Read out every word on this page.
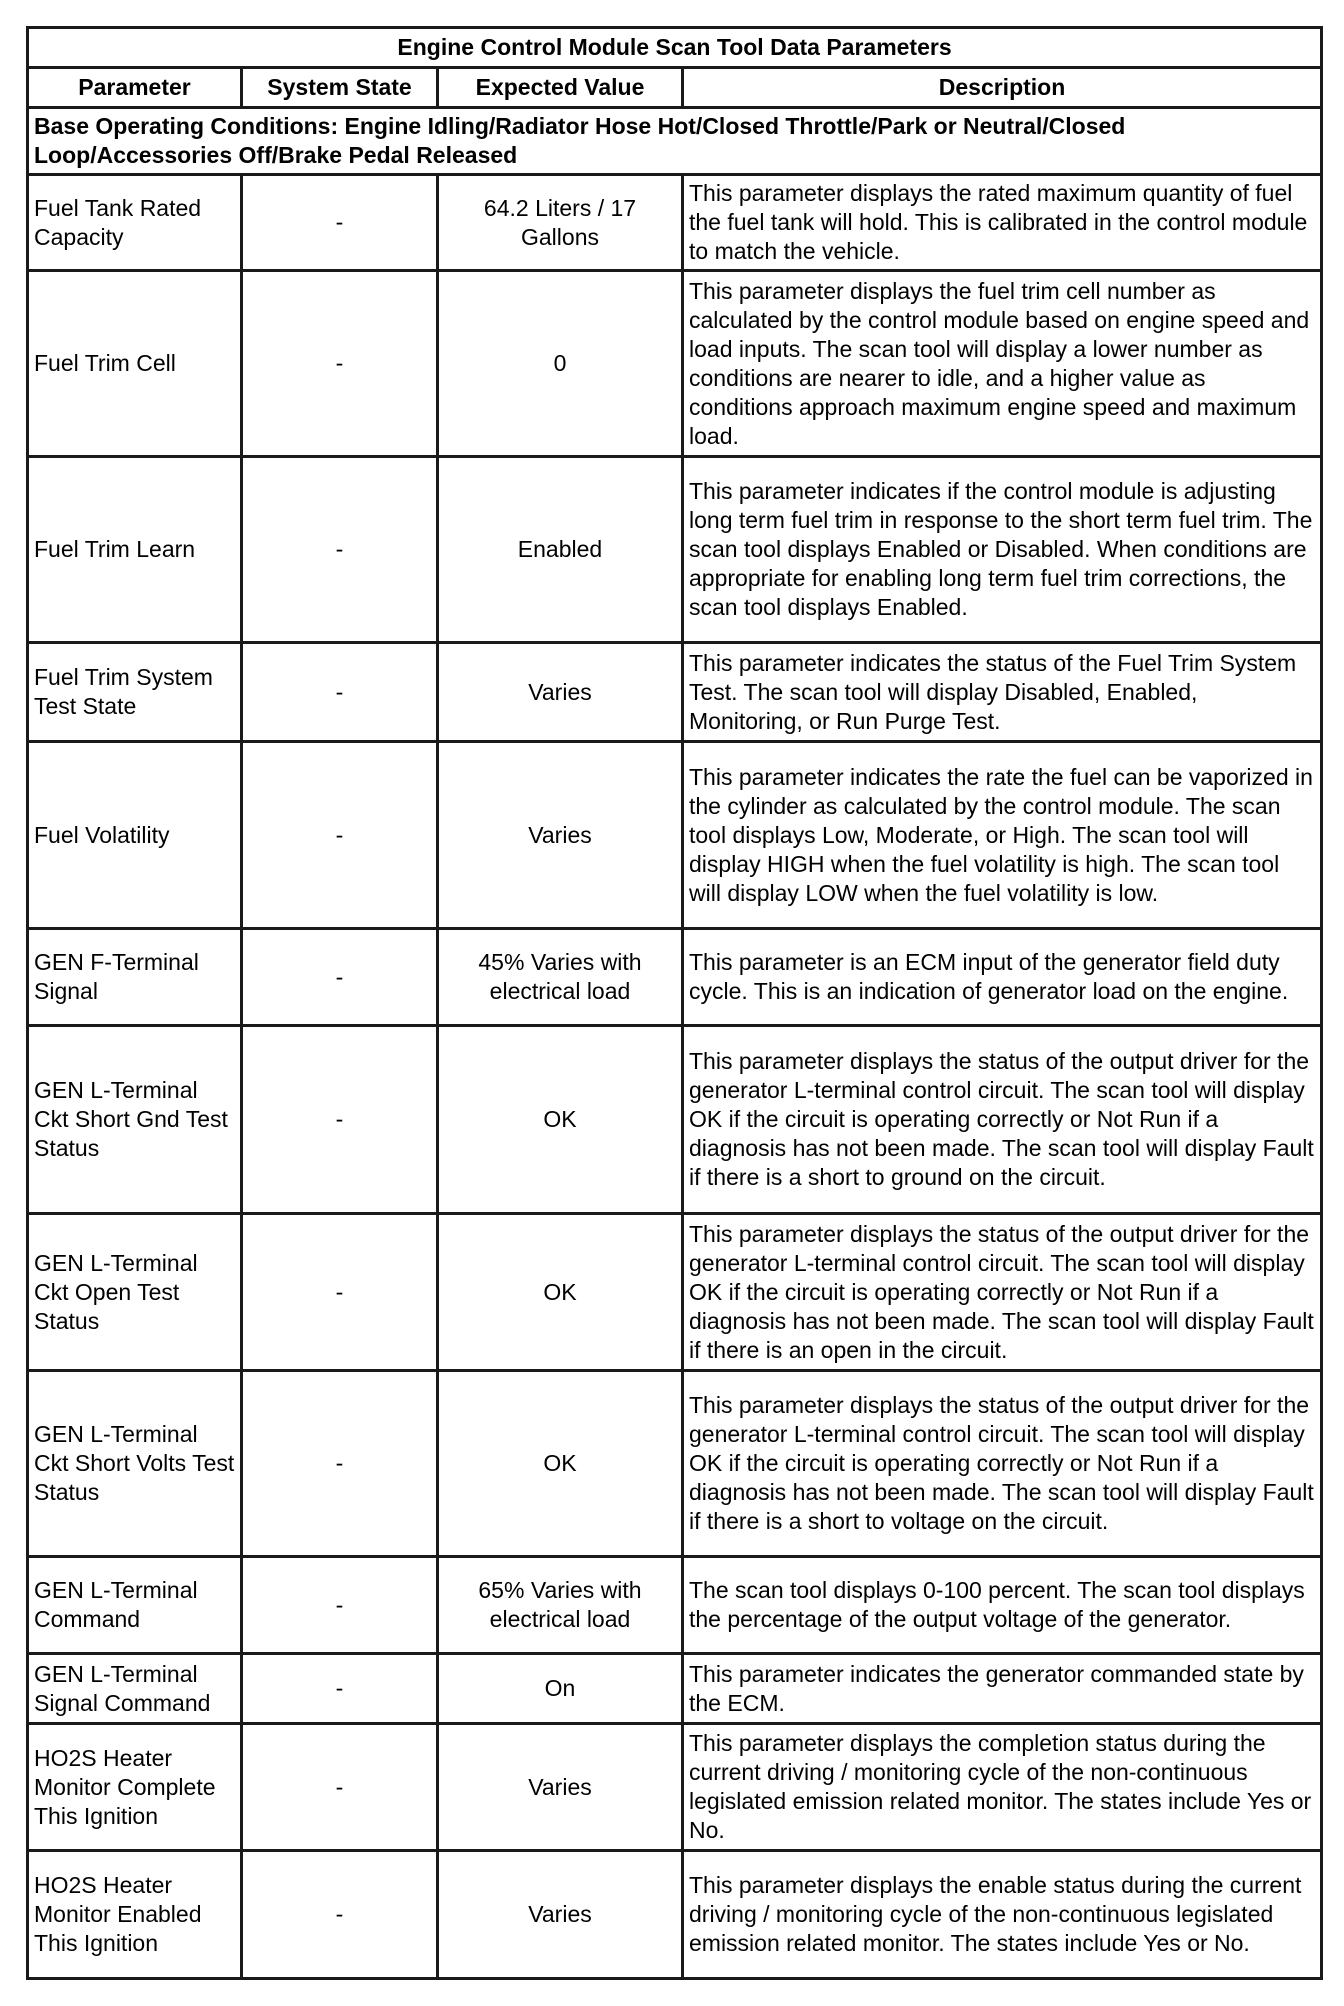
Engine Control Module Scan Tool Data Parameters			
Parameter	System State	Expected Value	Description
Base Operating Conditions: Engine Idling/Radiator Hose Hot/Closed Throttle/Park or Neutral/Closed Loop/Accessories Off/Brake Pedal Released			
Fuel Tank Rated Capacity	-	64.2 Liters / 17 Gallons	This parameter displays the rated maximum quantity of fuel the fuel tank will hold. This is calibrated in the control module to match the vehicle.
Fuel Trim Cell	-	0	This parameter displays the fuel trim cell number as calculated by the control module based on engine speed and load inputs. The scan tool will display a lower number as conditions are nearer to idle, and a higher value as conditions approach maximum engine speed and maximum load.
Fuel Trim Learn	-	Enabled	This parameter indicates if the control module is adjusting long term fuel trim in response to the short term fuel trim. The scan tool displays Enabled or Disabled. When conditions are appropriate for enabling long term fuel trim corrections, the scan tool displays Enabled.
Fuel Trim System Test State	-	Varies	This parameter indicates the status of the Fuel Trim System Test. The scan tool will display Disabled, Enabled, Monitoring, or Run Purge Test.
Fuel Volatility	-	Varies	This parameter indicates the rate the fuel can be vaporized in the cylinder as calculated by the control module. The scan tool displays Low, Moderate, or High. The scan tool will display HIGH when the fuel volatility is high. The scan tool will display LOW when the fuel volatility is low.
GEN F-Terminal Signal	-	45% Varies with electrical load	This parameter is an ECM input of the generator field duty cycle. This is an indication of generator load on the engine.
GEN L-Terminal Ckt Short Gnd Test Status	-	OK	This parameter displays the status of the output driver for the generator L-terminal control circuit. The scan tool will display OK if the circuit is operating correctly or Not Run if a diagnosis has not been made. The scan tool will display Fault if there is a short to ground on the circuit.
GEN L-Terminal Ckt Open Test Status	-	OK	This parameter displays the status of the output driver for the generator L-terminal control circuit. The scan tool will display OK if the circuit is operating correctly or Not Run if a diagnosis has not been made. The scan tool will display Fault if there is an open in the circuit.
GEN L-Terminal Ckt Short Volts Test Status	-	OK	This parameter displays the status of the output driver for the generator L-terminal control circuit. The scan tool will display OK if the circuit is operating correctly or Not Run if a diagnosis has not been made. The scan tool will display Fault if there is a short to voltage on the circuit.
GEN L-Terminal Command	-	65% Varies with electrical load	The scan tool displays 0-100 percent. The scan tool displays the percentage of the output voltage of the generator.
GEN L-Terminal Signal Command	-	On	This parameter indicates the generator commanded state by the ECM.
HO2S Heater Monitor Complete This Ignition	-	Varies	This parameter displays the completion status during the current driving / monitoring cycle of the non-continuous legislated emission related monitor. The states include Yes or No.
HO2S Heater Monitor Enabled This Ignition	-	Varies	This parameter displays the enable status during the current driving / monitoring cycle of the non-continuous legislated emission related monitor. The states include Yes or No.
